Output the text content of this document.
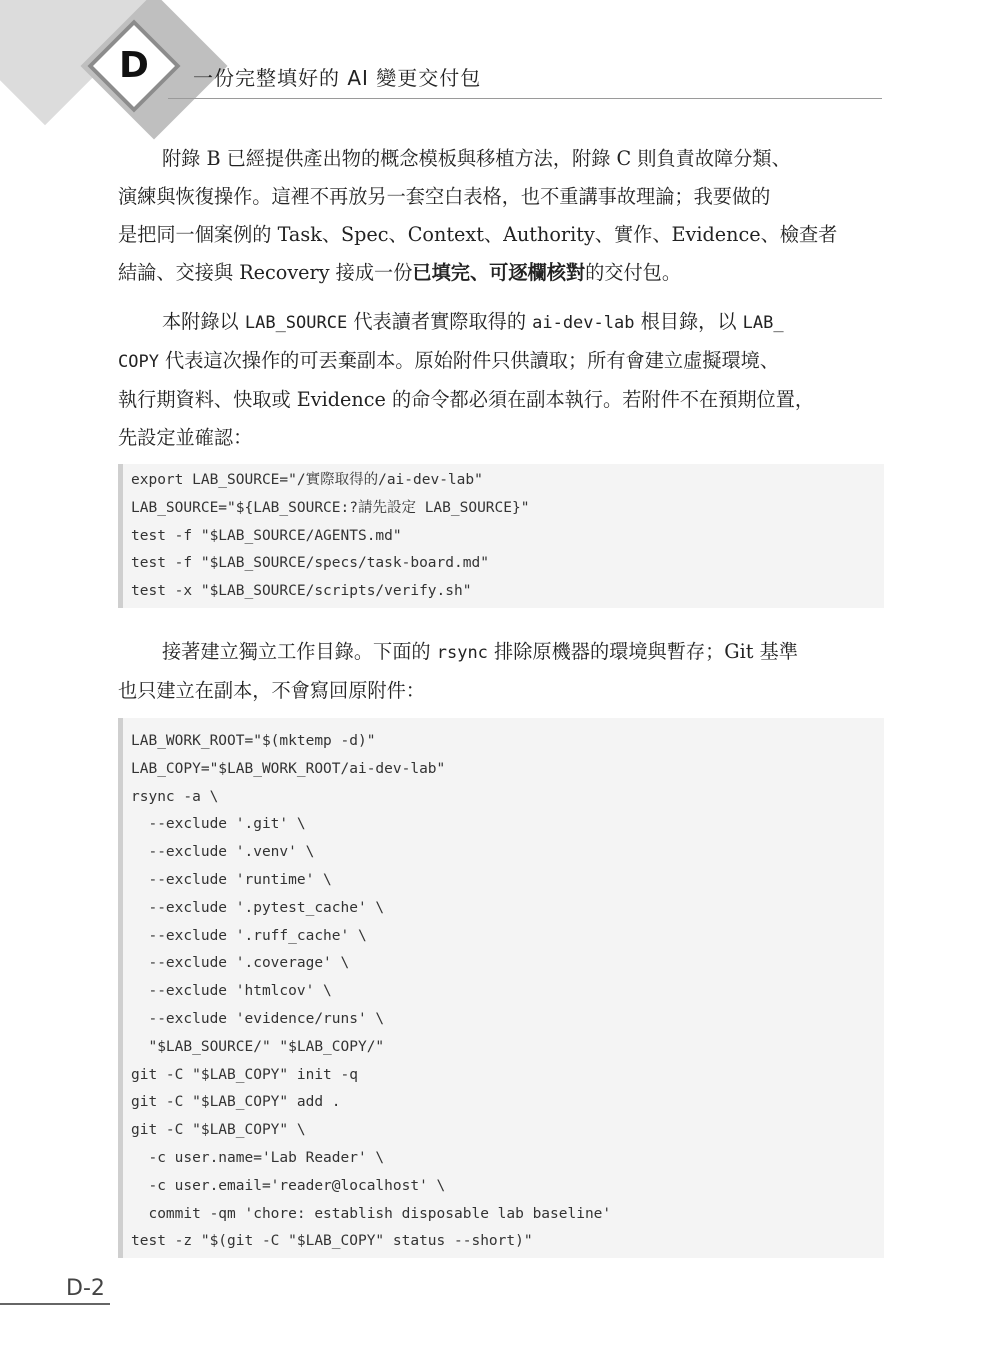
D	一份完整填好的 AI 變更交付包

附錄 B 已經提供產出物的概念模板與移植方法，附錄 C 則負責故障分類、
演練與恢復操作。這裡不再放另一套空白表格，也不重講事故理論；我要做的
是把同一個案例的 Task、Spec、Context、Authority、實作、Evidence、檢查者
結論、交接與 Recovery 接成一份已填完、可逐欄核對的交付包。

本附錄以 LAB_SOURCE 代表讀者實際取得的 ai-dev-lab 根目錄，以 LAB_
COPY 代表這次操作的可丟棄副本。原始附件只供讀取；所有會建立虛擬環境、
執行期資料、快取或 Evidence 的命令都必須在副本執行。若附件不在預期位置，
先設定並確認：

export LAB_SOURCE="/實際取得的/ai-dev-lab"
LAB_SOURCE="${LAB_SOURCE:?請先設定 LAB_SOURCE}"
test -f "$LAB_SOURCE/AGENTS.md"
test -f "$LAB_SOURCE/specs/task-board.md"
test -x "$LAB_SOURCE/scripts/verify.sh"

接著建立獨立工作目錄。下面的 rsync 排除原機器的環境與暫存；Git 基準
也只建立在副本，不會寫回原附件：

LAB_WORK_ROOT="$(mktemp -d)"
LAB_COPY="$LAB_WORK_ROOT/ai-dev-lab"
rsync -a \
--exclude '.git' \
--exclude '.venv' \
--exclude 'runtime' \
--exclude '.pytest_cache' \
--exclude '.ruff_cache' \
--exclude '.coverage' \
--exclude 'htmlcov' \
--exclude 'evidence/runs' \
"$LAB_SOURCE/" "$LAB_COPY/"
git -C "$LAB_COPY" init -q
git -C "$LAB_COPY" add .
git -C "$LAB_COPY" \
-c user.name='Lab Reader' \
-c user.email='reader@localhost' \
commit -qm 'chore: establish disposable lab baseline'
test -z "$(git -C "$LAB_COPY" status --short)"
D-2
